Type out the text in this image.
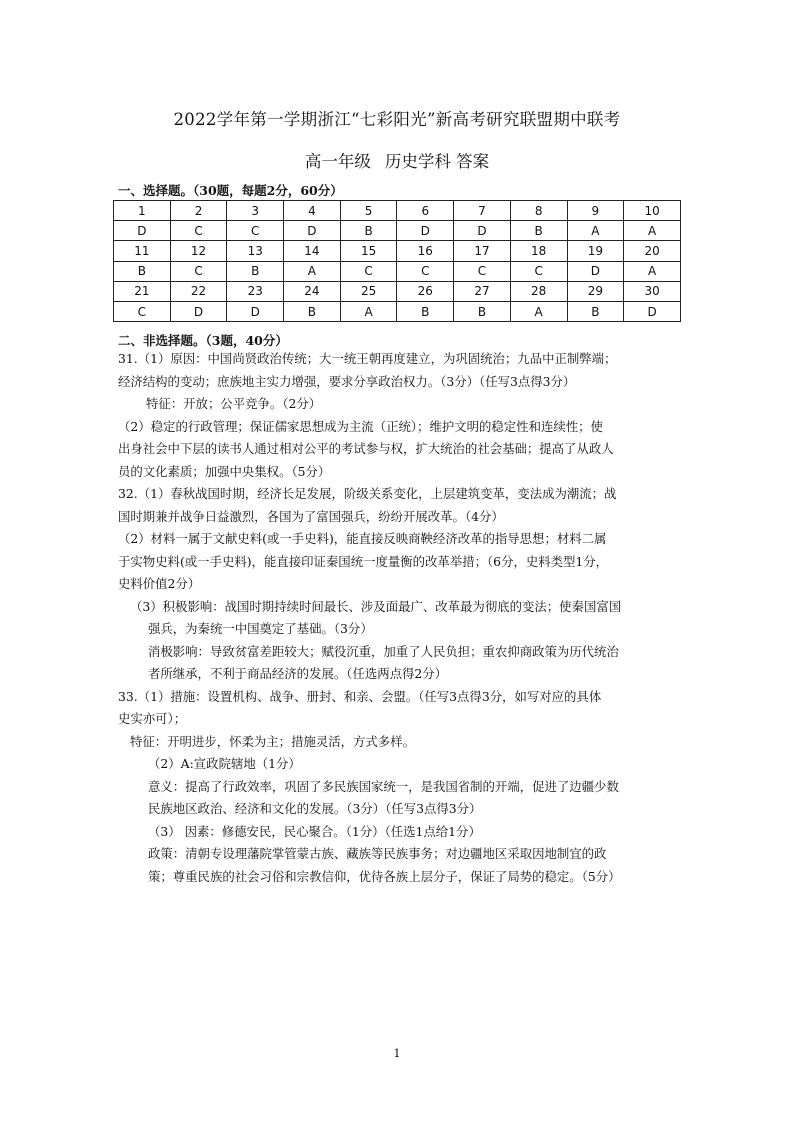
2022学年第一学期浙江“七彩阳光”新高考研究联盟期中联考
高一年级 历史学科 答案
一、选择题。（30题，每题2分，60分）
1	2	3	4	5	6	7	8	9	10
D	C	C	D	B	D	D	B	A	A
11	12	13	14	15	16	17	18	19	20
B	C	B	A	C	C	C	C	D	A
21	22	23	24	25	26	27	28	29	30
C	D	D	B	A	B	B	A	B	D
二、非选择题。（3题，40分）
31.（1）原因：中国尚贤政治传统；大一统王朝再度建立，为巩固统治；九品中正制弊端；
经济结构的变动；庶族地主实力增强，要求分享政治权力。（3分）（任写3点得3分）
特征：开放；公平竞争。（2分）
（2）稳定的行政管理；保证儒家思想成为主流（正统）；维护文明的稳定性和连续性；使
出身社会中下层的读书人通过相对公平的考试参与权，扩大统治的社会基础；提高了从政人
员的文化素质；加强中央集权。（5分）
32.（1）春秋战国时期，经济长足发展，阶级关系变化，上层建筑变革，变法成为潮流；战
国时期兼并战争日益激烈，各国为了富国强兵，纷纷开展改革。（4分）
（2）材料一属于文献史料(或一手史料)，能直接反映商鞅经济改革的指导思想；材料二属
于实物史料(或一手史料)，能直接印证秦国统一度量衡的改革举措；（6分，史料类型1分，
史料价值2分）
（3）积极影响：战国时期持续时间最长、涉及面最广、改革最为彻底的变法；使秦国富国
强兵，为秦统一中国奠定了基础。（3分）
消极影响：导致贫富差距较大；赋役沉重，加重了人民负担；重农抑商政策为历代统治
者所继承，不利于商品经济的发展。（任选两点得2分）
33.（1）措施：设置机构、战争、册封、和亲、会盟。（任写3点得3分，如写对应的具体
史实亦可）；
特征：开明进步，怀柔为主；措施灵活，方式多样。
（2）A:宣政院辖地（1分）
意义：提高了行政效率，巩固了多民族国家统一，是我国省制的开端，促进了边疆少数
民族地区政治、经济和文化的发展。（3分）（任写3点得3分）
（3） 因素：修德安民，民心聚合。（1分）（任选1点给1分）
政策：清朝专设理藩院掌管蒙古族、藏族等民族事务；对边疆地区采取因地制宜的政
策；尊重民族的社会习俗和宗教信仰，优待各族上层分子，保证了局势的稳定。（5分）
1
